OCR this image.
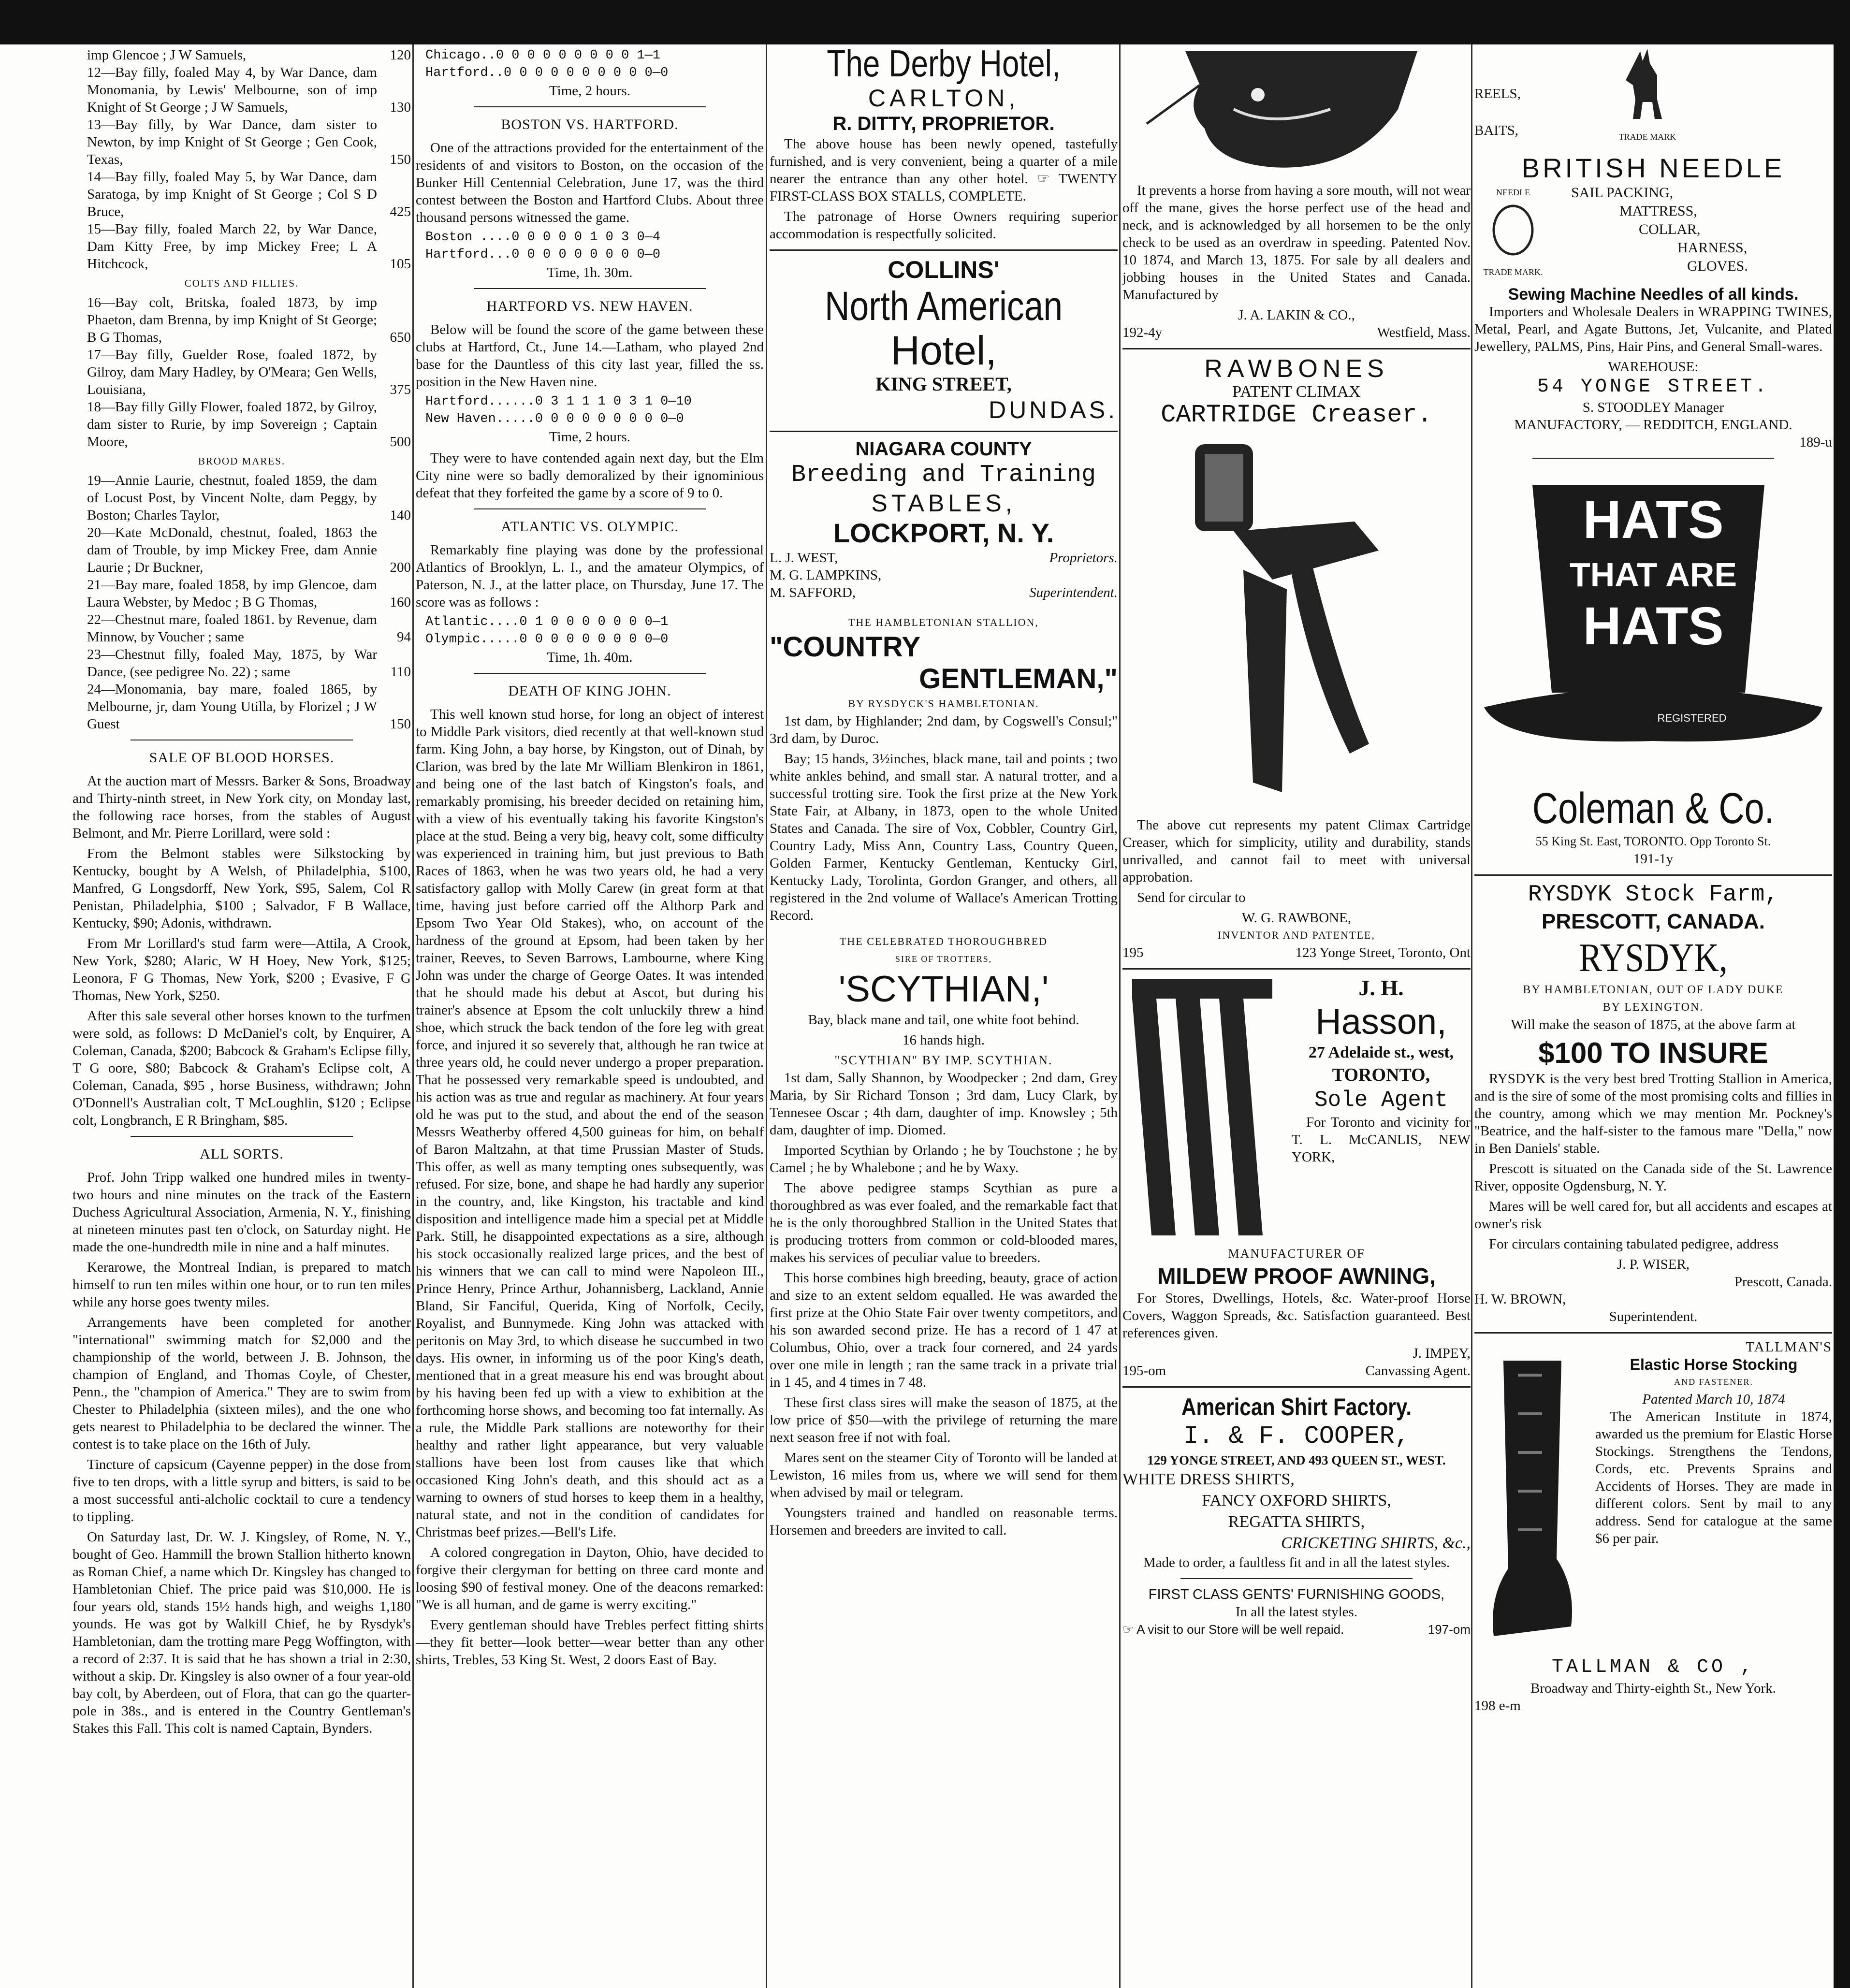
imp Glencoe ; J W Samuels,	120
12—Bay filly, foaled May 4, by War Dance, dam Monomania, by Lewis' Melbourne, son of imp Knight of St George ; J W Samuels,	130
13—Bay filly, by War Dance, dam sister to Newton, by imp Knight of St George ; Gen Cook, Texas,	150
14—Bay filly, foaled May 5, by War Dance, dam Saratoga, by imp Knight of St George ; Col S D Bruce,	425
15—Bay filly, foaled March 22, by War Dance, Dam Kitty Free, by imp Mickey Free; L A Hitchcock,	105
COLTS AND FILLIES.
16—Bay colt, Britska, foaled 1873, by imp Phaeton, dam Brenna, by imp Knight of St George; B G Thomas,	650
17—Bay filly, Guelder Rose, foaled 1872, by Gilroy, dam Mary Hadley, by O'Meara; Gen Wells, Louisiana,	375
18—Bay filly Gilly Flower, foaled 1872, by Gilroy, dam sister to Rurie, by imp Sovereign ; Captain Moore,	500
BROOD MARES.
19—Annie Laurie, chestnut, foaled 1859, the dam of Locust Post, by Vincent Nolte, dam Peggy, by Boston; Charles Taylor,	140
20—Kate McDonald, chestnut, foaled, 1863 the dam of Trouble, by imp Mickey Free, dam Annie Laurie ; Dr Buckner,	200
21—Bay mare, foaled 1858, by imp Glencoe, dam Laura Webster, by Medoc ; B G Thomas,	160
22—Chestnut mare, foaled 1861. by Revenue, dam Minnow, by Voucher ; same	94
23—Chestnut filly, foaled May, 1875, by War Dance, (see pedigree No. 22) ; same	110
24—Monomania, bay mare, foaled 1865, by Melbourne, jr, dam Young Utilla, by Florizel ; J W Guest	150
SALE OF BLOOD HORSES.

At the auction mart of Messrs. Barker & Sons, Broadway and Thirty-ninth street, in New York city, on Monday last, the following race horses, from the stables of August Belmont, and Mr. Pierre Lorillard, were sold :

From the Belmont stables were Silkstocking by Kentucky, bought by A Welsh, of Philadelphia, $100, Manfred, G Longsdorff, New York, $95, Salem, Col R Penistan, Philadelphia, $100 ; Salvador, F B Wallace, Kentucky, $90; Adonis, withdrawn.

From Mr Lorillard's stud farm were—Attila, A Crook, New York, $280; Alaric, W H Hoey, New York, $125; Leonora, F G Thomas, New York, $200 ; Evasive, F G Thomas, New York, $250.

After this sale several other horses known to the turfmen were sold, as follows: D McDaniel's colt, by Enquirer, A Coleman, Canada, $200; Babcock & Graham's Eclipse filly, T G oore, $80; Babcock & Graham's Eclipse colt, A Coleman, Canada, $95 , horse Business, withdrawn; John O'Donnell's Australian colt, T McLoughlin, $120 ; Eclipse colt, Longbranch, E R Bringham, $85.

ALL SORTS.

Prof. John Tripp walked one hundred miles in twenty-two hours and nine minutes on the track of the Eastern Duchess Agricultural Association, Armenia, N. Y., finishing at nineteen minutes past ten o'clock, on Saturday night. He made the one-hundredth mile in nine and a half minutes.

Kerarowe, the Montreal Indian, is prepared to match himself to run ten miles within one hour, or to run ten miles while any horse goes twenty miles.

Arrangements have been completed for another "international" swimming match for $2,000 and the championship of the world, between J. B. Johnson, the champion of England, and Thomas Coyle, of Chester, Penn., the "champion of America." They are to swim from Chester to Philadelphia (sixteen miles), and the one who gets nearest to Philadelphia to be declared the winner. The contest is to take place on the 16th of July.

Tincture of capsicum (Cayenne pepper) in the dose from five to ten drops, with a little syrup and bitters, is said to be a most successful anti-alcholic cocktail to cure a tendency to tippling.

On Saturday last, Dr. W. J. Kingsley, of Rome, N. Y., bought of Geo. Hammill the brown Stallion hitherto known as Roman Chief, a name which Dr. Kingsley has changed to Hambletonian Chief. The price paid was $10,000. He is four years old, stands 15½ hands high, and weighs 1,180 younds. He was got by Walkill Chief, he by Rysdyk's Hambletonian, dam the trotting mare Pegg Woffington, with a record of 2:37. It is said that he has shown a trial in 2:30, without a skip. Dr. Kingsley is also owner of a four year-old bay colt, by Aberdeen, out of Flora, that can go the quarter-pole in 38s., and is entered in the Country Gentleman's Stakes this Fall. This colt is named Captain, Bynders.

Chicago..0 0 0 0 0 0 0 0 0 1—1
Hartford..0 0 0 0 0 0 0 0 0 0—0
Time, 2 hours.
BOSTON VS. HARTFORD.

One of the attractions provided for the entertainment of the residents of and visitors to Boston, on the occasion of the Bunker Hill Centennial Celebration, June 17, was the third contest between the Boston and Hartford Clubs. About three thousand persons witnessed the game.

Boston ....0 0 0 0 0 1 0 3 0—4
Hartford...0 0 0 0 0 0 0 0 0—0
Time, 1h. 30m.
HARTFORD VS. NEW HAVEN.

Below will be found the score of the game between these clubs at Hartford, Ct., June 14.—Latham, who played 2nd base for the Dauntless of this city last year, filled the ss. position in the New Haven nine.

Hartford......0 3 1 1 1 0 3 1 0—10
New Haven.....0 0 0 0 0 0 0 0 0—0
Time, 2 hours.

They were to have contended again next day, but the Elm City nine were so badly demoralized by their ignominious defeat that they forfeited the game by a score of 9 to 0.

ATLANTIC VS. OLYMPIC.

Remarkably fine playing was done by the professional Atlantics of Brooklyn, L. I., and the amateur Olympics, of Paterson, N. J., at the latter place, on Thursday, June 17. The score was as follows :

Atlantic....0 1 0 0 0 0 0 0 0—1
Olympic.....0 0 0 0 0 0 0 0 0—0
Time, 1h. 40m.
DEATH OF KING JOHN.

This well known stud horse, for long an object of interest to Middle Park visitors, died recently at that well-known stud farm. King John, a bay horse, by Kingston, out of Dinah, by Clarion, was bred by the late Mr William Blenkiron in 1861, and being one of the last batch of Kingston's foals, and remarkably promising, his breeder decided on retaining him, with a view of his eventually taking his favorite Kingston's place at the stud. Being a very big, heavy colt, some difficulty was experienced in training him, but just previous to Bath Races of 1863, when he was two years old, he had a very satisfactory gallop with Molly Carew (in great form at that time, having just before carried off the Althorp Park and Epsom Two Year Old Stakes), who, on account of the hardness of the ground at Epsom, had been taken by her trainer, Reeves, to Seven Barrows, Lambourne, where King John was under the charge of George Oates. It was intended that he should made his debut at Ascot, but during his trainer's absence at Epsom the colt unluckily threw a hind shoe, which struck the back tendon of the fore leg with great force, and injured it so severely that, although he ran twice at three years old, he could never undergo a proper preparation. That he possessed very remarkable speed is undoubted, and his action was as true and regular as machinery. At four years old he was put to the stud, and about the end of the season Messrs Weatherby offered 4,500 guineas for him, on behalf of Baron Maltzahn, at that time Prussian Master of Studs. This offer, as well as many tempting ones subsequently, was refused. For size, bone, and shape he had hardly any superior in the country, and, like Kingston, his tractable and kind disposition and intelligence made him a special pet at Middle Park. Still, he disappointed expectations as a sire, although his stock occasionally realized large prices, and the best of his winners that we can call to mind were Napoleon III., Prince Henry, Prince Arthur, Johannisberg, Lackland, Annie Bland, Sir Fanciful, Querida, King of Norfolk, Cecily, Royalist, and Bunnymede. King John was attacked with peritonis on May 3rd, to which disease he succumbed in two days. His owner, in informing us of the poor King's death, mentioned that in a great measure his end was brought about by his having been fed up with a view to exhibition at the forthcoming horse shows, and becoming too fat internally. As a rule, the Middle Park stallions are noteworthy for their healthy and rather light appearance, but very valuable stallions have been lost from causes like that which occasioned King John's death, and this should act as a warning to owners of stud horses to keep them in a healthy, natural state, and not in the condition of candidates for Christmas beef prizes.—Bell's Life.

A colored congregation in Dayton, Ohio, have decided to forgive their clergyman for betting on three card monte and loosing $90 of festival money. One of the deacons remarked: "We is all human, and de game is werry exciting."

Every gentleman should have Trebles perfect fitting shirts—they fit better—look better—wear better than any other shirts, Trebles, 53 King St. West, 2 doors East of Bay.

The Derby Hotel,
CARLTON,
R. DITTY, PROPRIETOR.

The above house has been newly opened, tastefully furnished, and is very convenient, being a quarter of a mile nearer the entrance than any other hotel. ☞ TWENTY FIRST-CLASS BOX STALLS, COMPLETE.

The patronage of Horse Owners requiring superior accommodation is respectfully solicited.

COLLINS'
North American
Hotel,
KING STREET,
DUNDAS.
NIAGARA COUNTY
Breeding and Training
STABLES,
LOCKPORT, N. Y.
L. J. WEST,	Proprietors.
M. G. LAMPKINS,
M. SAFFORD,	Superintendent.
THE HAMBLETONIAN STALLION,
"COUNTRY
GENTLEMAN,"
BY RYSDYCK'S HAMBLETONIAN.

1st dam, by Highlander; 2nd dam, by Cogswell's Consul;" 3rd dam, by Duroc.

Bay; 15 hands, 3½inches, black mane, tail and points ; two white ankles behind, and small star. A natural trotter, and a successful trotting sire. Took the first prize at the New York State Fair, at Albany, in 1873, open to the whole United States and Canada. The sire of Vox, Cobbler, Country Girl, Country Lady, Miss Ann, Country Lass, Country Queen, Golden Farmer, Kentucky Gentleman, Kentucky Girl, Kentucky Lady, Torolinta, Gordon Granger, and others, all registered in the 2nd volume of Wallace's American Trotting Record.

THE CELEBRATED THOROUGHBRED
SIRE OF TROTTERS,
'SCYTHIAN,'

Bay, black mane and tail, one white foot behind.

16 hands high.

"SCYTHIAN" BY IMP. SCYTHIAN.

1st dam, Sally Shannon, by Woodpecker ; 2nd dam, Grey Maria, by Sir Richard Tonson ; 3rd dam, Lucy Clark, by Tennesee Oscar ; 4th dam, daughter of imp. Knowsley ; 5th dam, daughter of imp. Diomed.

Imported Scythian by Orlando ; he by Touchstone ; he by Camel ; he by Whalebone ; and he by Waxy.

The above pedigree stamps Scythian as pure a thoroughbred as was ever foaled, and the remarkable fact that he is the only thoroughbred Stallion in the United States that is producing trotters from common or cold-blooded mares, makes his services of peculiar value to breeders.

This horse combines high breeding, beauty, grace of action and size to an extent seldom equalled. He was awarded the first prize at the Ohio State Fair over twenty competitors, and his son awarded second prize. He has a record of 1 47 at Columbus, Ohio, over a track four cornered, and 24 yards over one mile in length ; ran the same track in a private trial in 1 45, and 4 times in 7 48.

These first class sires will make the season of 1875, at the low price of $50—with the privilege of returning the mare next season free if not with foal.

Mares sent on the steamer City of Toronto will be landed at Lewiston, 16 miles from us, where we will send for them when advised by mail or telegram.

Youngsters trained and handled on reasonable terms. Horsemen and breeders are invited to call.

It prevents a horse from having a sore mouth, will not wear off the mane, gives the horse perfect use of the head and neck, and is acknowledged by all horsemen to be the only check to be used as an overdraw in speeding. Patented Nov. 10 1874, and March 13, 1875. For sale by all dealers and jobbing houses in the United States and Canada. Manufactured by

J. A. LAKIN & CO.,
192-4y	Westfield, Mass.
RAWBONES
PATENT CLIMAX
CARTRIDGE Creaser.

The above cut represents my patent Climax Cartridge Creaser, which for simplicity, utility and durability, stands unrivalled, and cannot fail to meet with universal approbation.

Send for circular to

W. G. RAWBONE,
INVENTOR AND PATENTEE,
195	123 Yonge Street, Toronto, Ont
J. H.
Hasson,
27 Adelaide st., west,
TORONTO,
Sole Agent

For Toronto and vicinity for T. L. McCANLIS, NEW YORK,

MANUFACTURER OF
MILDEW PROOF AWNING,

For Stores, Dwellings, Hotels, &c. Water-proof Horse Covers, Waggon Spreads, &c. Satisfaction guaranteed. Best references given.

J. IMPEY,
195-om	Canvassing Agent.
American Shirt Factory.
I. & F. COOPER,
129 YONGE STREET, AND 493 QUEEN ST., WEST.
WHITE DRESS SHIRTS,
FANCY OXFORD SHIRTS,
REGATTA SHIRTS,
CRICKETING SHIRTS, &c.,

Made to order, a faultless fit and in all the latest styles.

FIRST CLASS GENTS' FURNISHING GOODS,
In all the latest styles.
☞ A visit to our Store will be well repaid.	197-om
REELS,
BAITS,	TRADE MARK
BRITISH NEEDLE
NEEDLE
TRADE MARK.
SAIL PACKING,
MATTRESS,
COLLAR,
HARNESS,
GLOVES.
Sewing Machine Needles of all kinds.

Importers and Wholesale Dealers in WRAPPING TWINES, Metal, Pearl, and Agate Buttons, Jet, Vulcanite, and Plated Jewellery, PALMS, Pins, Hair Pins, and General Small-wares.

WAREHOUSE:
54 YONGE STREET.
S. STOODLEY Manager
MANUFACTORY, — REDDITCH, ENGLAND.
189-u
HATS
THAT ARE
HATS
REGISTERED
Coleman & Co.
55 King St. East, TORONTO. Opp Toronto St.
191-1y
RYSDYK Stock Farm,
PRESCOTT, CANADA.
RYSDYK,
BY HAMBLETONIAN, OUT OF LADY DUKE
BY LEXINGTON.

Will make the season of 1875, at the above farm at

$100 TO INSURE

RYSDYK is the very best bred Trotting Stallion in America, and is the sire of some of the most promising colts and fillies in the country, among which we may mention Mr. Pockney's "Beatrice, and the half-sister to the famous mare "Della," now in Ben Daniels' stable.

Prescott is situated on the Canada side of the St. Lawrence River, opposite Ogdensburg, N. Y.

Mares will be well cared for, but all accidents and escapes at owner's risk

For circulars containing tabulated pedigree, address

J. P. WISER,
Prescott, Canada.
H. W. BROWN,
Superintendent.
TALLMAN'S
Elastic Horse Stocking
AND FASTENER.
Patented March 10, 1874

The American Institute in 1874, awarded us the premium for Elastic Horse Stockings. Strengthens the Tendons, Cords, etc. Prevents Sprains and Accidents of Horses. They are made in different colors. Sent by mail to any address. Send for catalogue at the same $6 per pair.

TALLMAN & CO ,
Broadway and Thirty-eighth St., New York.
198 e-m
